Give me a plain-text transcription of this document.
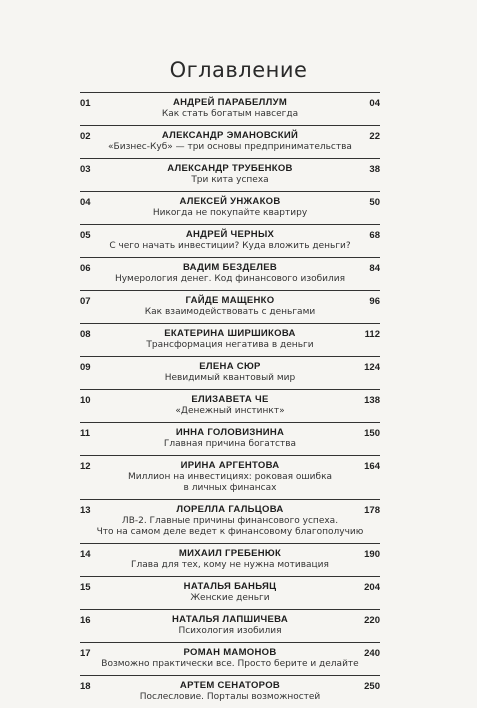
Оглавление
01	АНДРЕЙ ПАРАБЕЛЛУМ
Как стать богатым навсегда
04
02	АЛЕКСАНДР ЭМАНОВСКИЙ
«Бизнес-Куб» — три основы предпринимательства
22
03	АЛЕКСАНДР ТРУБЕНКОВ
Три кита успеха
38
04	АЛЕКСЕЙ УНЖАКОВ
Никогда не покупайте квартиру
50
05	АНДРЕЙ ЧЕРНЫХ
С чего начать инвестиции? Куда вложить деньги?
68
06	ВАДИМ БЕЗДЕЛЕВ
Нумерология денег. Код финансового изобилия
84
07	ГАЙДЕ МАЩЕНКО
Как взаимодействовать с деньгами
96
08	ЕКАТЕРИНА ШИРШИКОВА
Трансформация негатива в деньги
112
09	ЕЛЕНА СЮР
Невидимый квантовый мир
124
10	ЕЛИЗАВЕТА ЧЕ
«Денежный инстинкт»
138
11	ИННА ГОЛОВИЗНИНА
Главная причина богатства
150
12	ИРИНА АРГЕНТОВА
Миллион на инвестициях: роковая ошибка
в личных финансах
164
13	ЛОРЕЛЛА ГАЛЬЦОВА
ЛВ-2. Главные причины финансового успеха.
Что на самом деле ведет к финансовому благополучию
178
14	МИХАИЛ ГРЕБЕНЮК
Глава для тех, кому не нужна мотивация
190
15	НАТАЛЬЯ БАНЬЯЦ
Женские деньги
204
16	НАТАЛЬЯ ЛАПШИЧЕВА
Психология изобилия
220
17	РОМАН МАМОНОВ
Возможно практически все. Просто берите и делайте
240
18	АРТЕМ СЕНАТОРОВ
Послесловие. Порталы возможностей
250
